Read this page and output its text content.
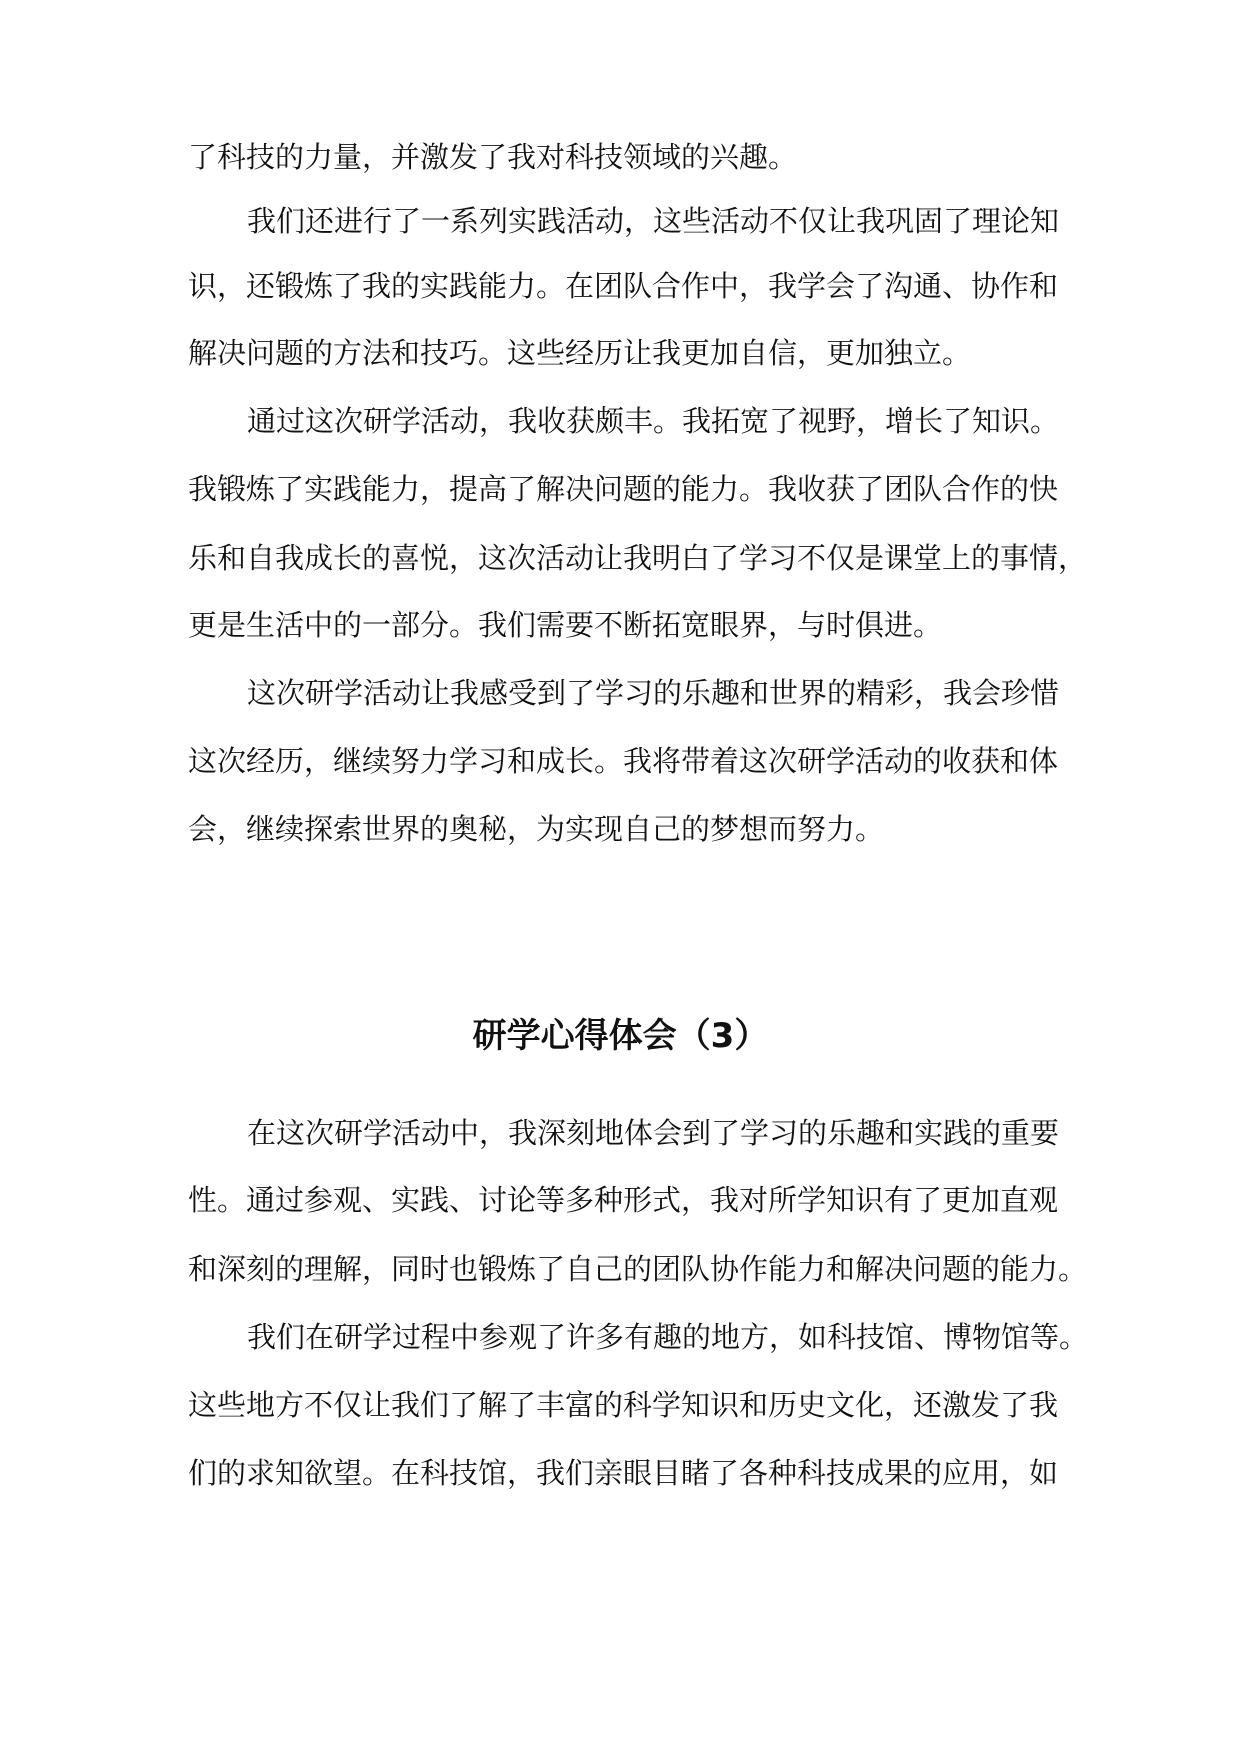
了科技的力量，并激发了我对科技领域的兴趣。
我们还进行了一系列实践活动，这些活动不仅让我巩固了理论知
识，还锻炼了我的实践能力。在团队合作中，我学会了沟通、协作和
解决问题的方法和技巧。这些经历让我更加自信，更加独立。
通过这次研学活动，我收获颇丰。我拓宽了视野，增长了知识。
我锻炼了实践能力，提高了解决问题的能力。我收获了团队合作的快
乐和自我成长的喜悦，这次活动让我明白了学习不仅是课堂上的事情，
更是生活中的一部分。我们需要不断拓宽眼界，与时俱进。
这次研学活动让我感受到了学习的乐趣和世界的精彩，我会珍惜
这次经历，继续努力学习和成长。我将带着这次研学活动的收获和体
会，继续探索世界的奥秘，为实现自己的梦想而努力。
研学心得体会（3）
在这次研学活动中，我深刻地体会到了学习的乐趣和实践的重要
性。通过参观、实践、讨论等多种形式，我对所学知识有了更加直观
和深刻的理解，同时也锻炼了自己的团队协作能力和解决问题的能力。
我们在研学过程中参观了许多有趣的地方，如科技馆、博物馆等。
这些地方不仅让我们了解了丰富的科学知识和历史文化，还激发了我
们的求知欲望。在科技馆，我们亲眼目睹了各种科技成果的应用，如
